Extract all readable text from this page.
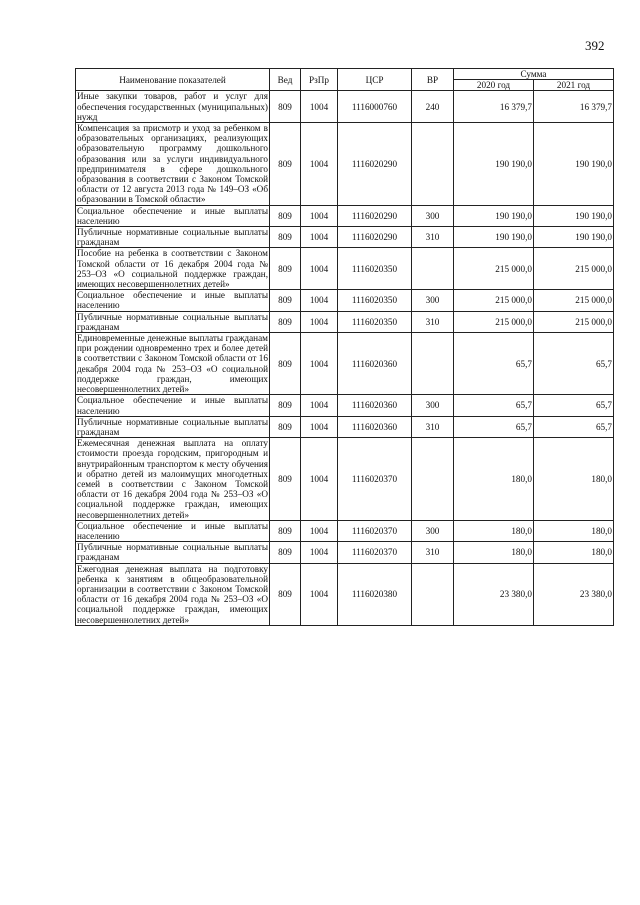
392
Наименование показателей	Вед	РзПр	ЦСР	ВР	Сумма	
					2020 год	2021 год
Иные закупки товаров, работ и услуг для обеспечения государственных (муниципальных) нужд	809	1004	1116000760	240	16 379,7	16 379,7
Компенсация за присмотр и уход за ребенком в образовательных организациях, реализующих образовательную программу дошкольного образования или за услуги индивидуального предпринимателя в сфере дошкольного образования в соответствии с Законом Томской области от 12 августа 2013 года № 149–ОЗ «Об образовании в Томской области»	809	1004	1116020290		190 190,0	190 190,0
Социальное обеспечение и иные выплаты населению	809	1004	1116020290	300	190 190,0	190 190,0
Публичные нормативные социальные выплаты гражданам	809	1004	1116020290	310	190 190,0	190 190,0
Пособие на ребенка в соответствии с Законом Томской области от 16 декабря 2004 года № 253–ОЗ «О социальной поддержке граждан, имеющих несовершеннолетних детей»	809	1004	1116020350		215 000,0	215 000,0
Социальное обеспечение и иные выплаты населению	809	1004	1116020350	300	215 000,0	215 000,0
Публичные нормативные социальные выплаты гражданам	809	1004	1116020350	310	215 000,0	215 000,0
Единовременные денежные выплаты гражданам при рождении одновременно трех и более детей в соответствии с Законом Томской области от 16 декабря 2004 года № 253–ОЗ «О социальной поддержке граждан, имеющих несовершеннолетних детей»	809	1004	1116020360		65,7	65,7
Социальное обеспечение и иные выплаты населению	809	1004	1116020360	300	65,7	65,7
Публичные нормативные социальные выплаты гражданам	809	1004	1116020360	310	65,7	65,7
Ежемесячная денежная выплата на оплату стоимости проезда городским, пригородным и внутрирайонным транспортом к месту обучения и обратно детей из малоимущих многодетных семей в соответствии с Законом Томской области от 16 декабря 2004 года № 253–ОЗ «О социальной поддержке граждан, имеющих несовершеннолетних детей»	809	1004	1116020370		180,0	180,0
Социальное обеспечение и иные выплаты населению	809	1004	1116020370	300	180,0	180,0
Публичные нормативные социальные выплаты гражданам	809	1004	1116020370	310	180,0	180,0
Ежегодная денежная выплата на подготовку ребенка к занятиям в общеобразовательной организации в соответствии с Законом Томской области от 16 декабря 2004 года № 253–ОЗ «О социальной поддержке граждан, имеющих несовершеннолетних детей»	809	1004	1116020380		23 380,0	23 380,0
